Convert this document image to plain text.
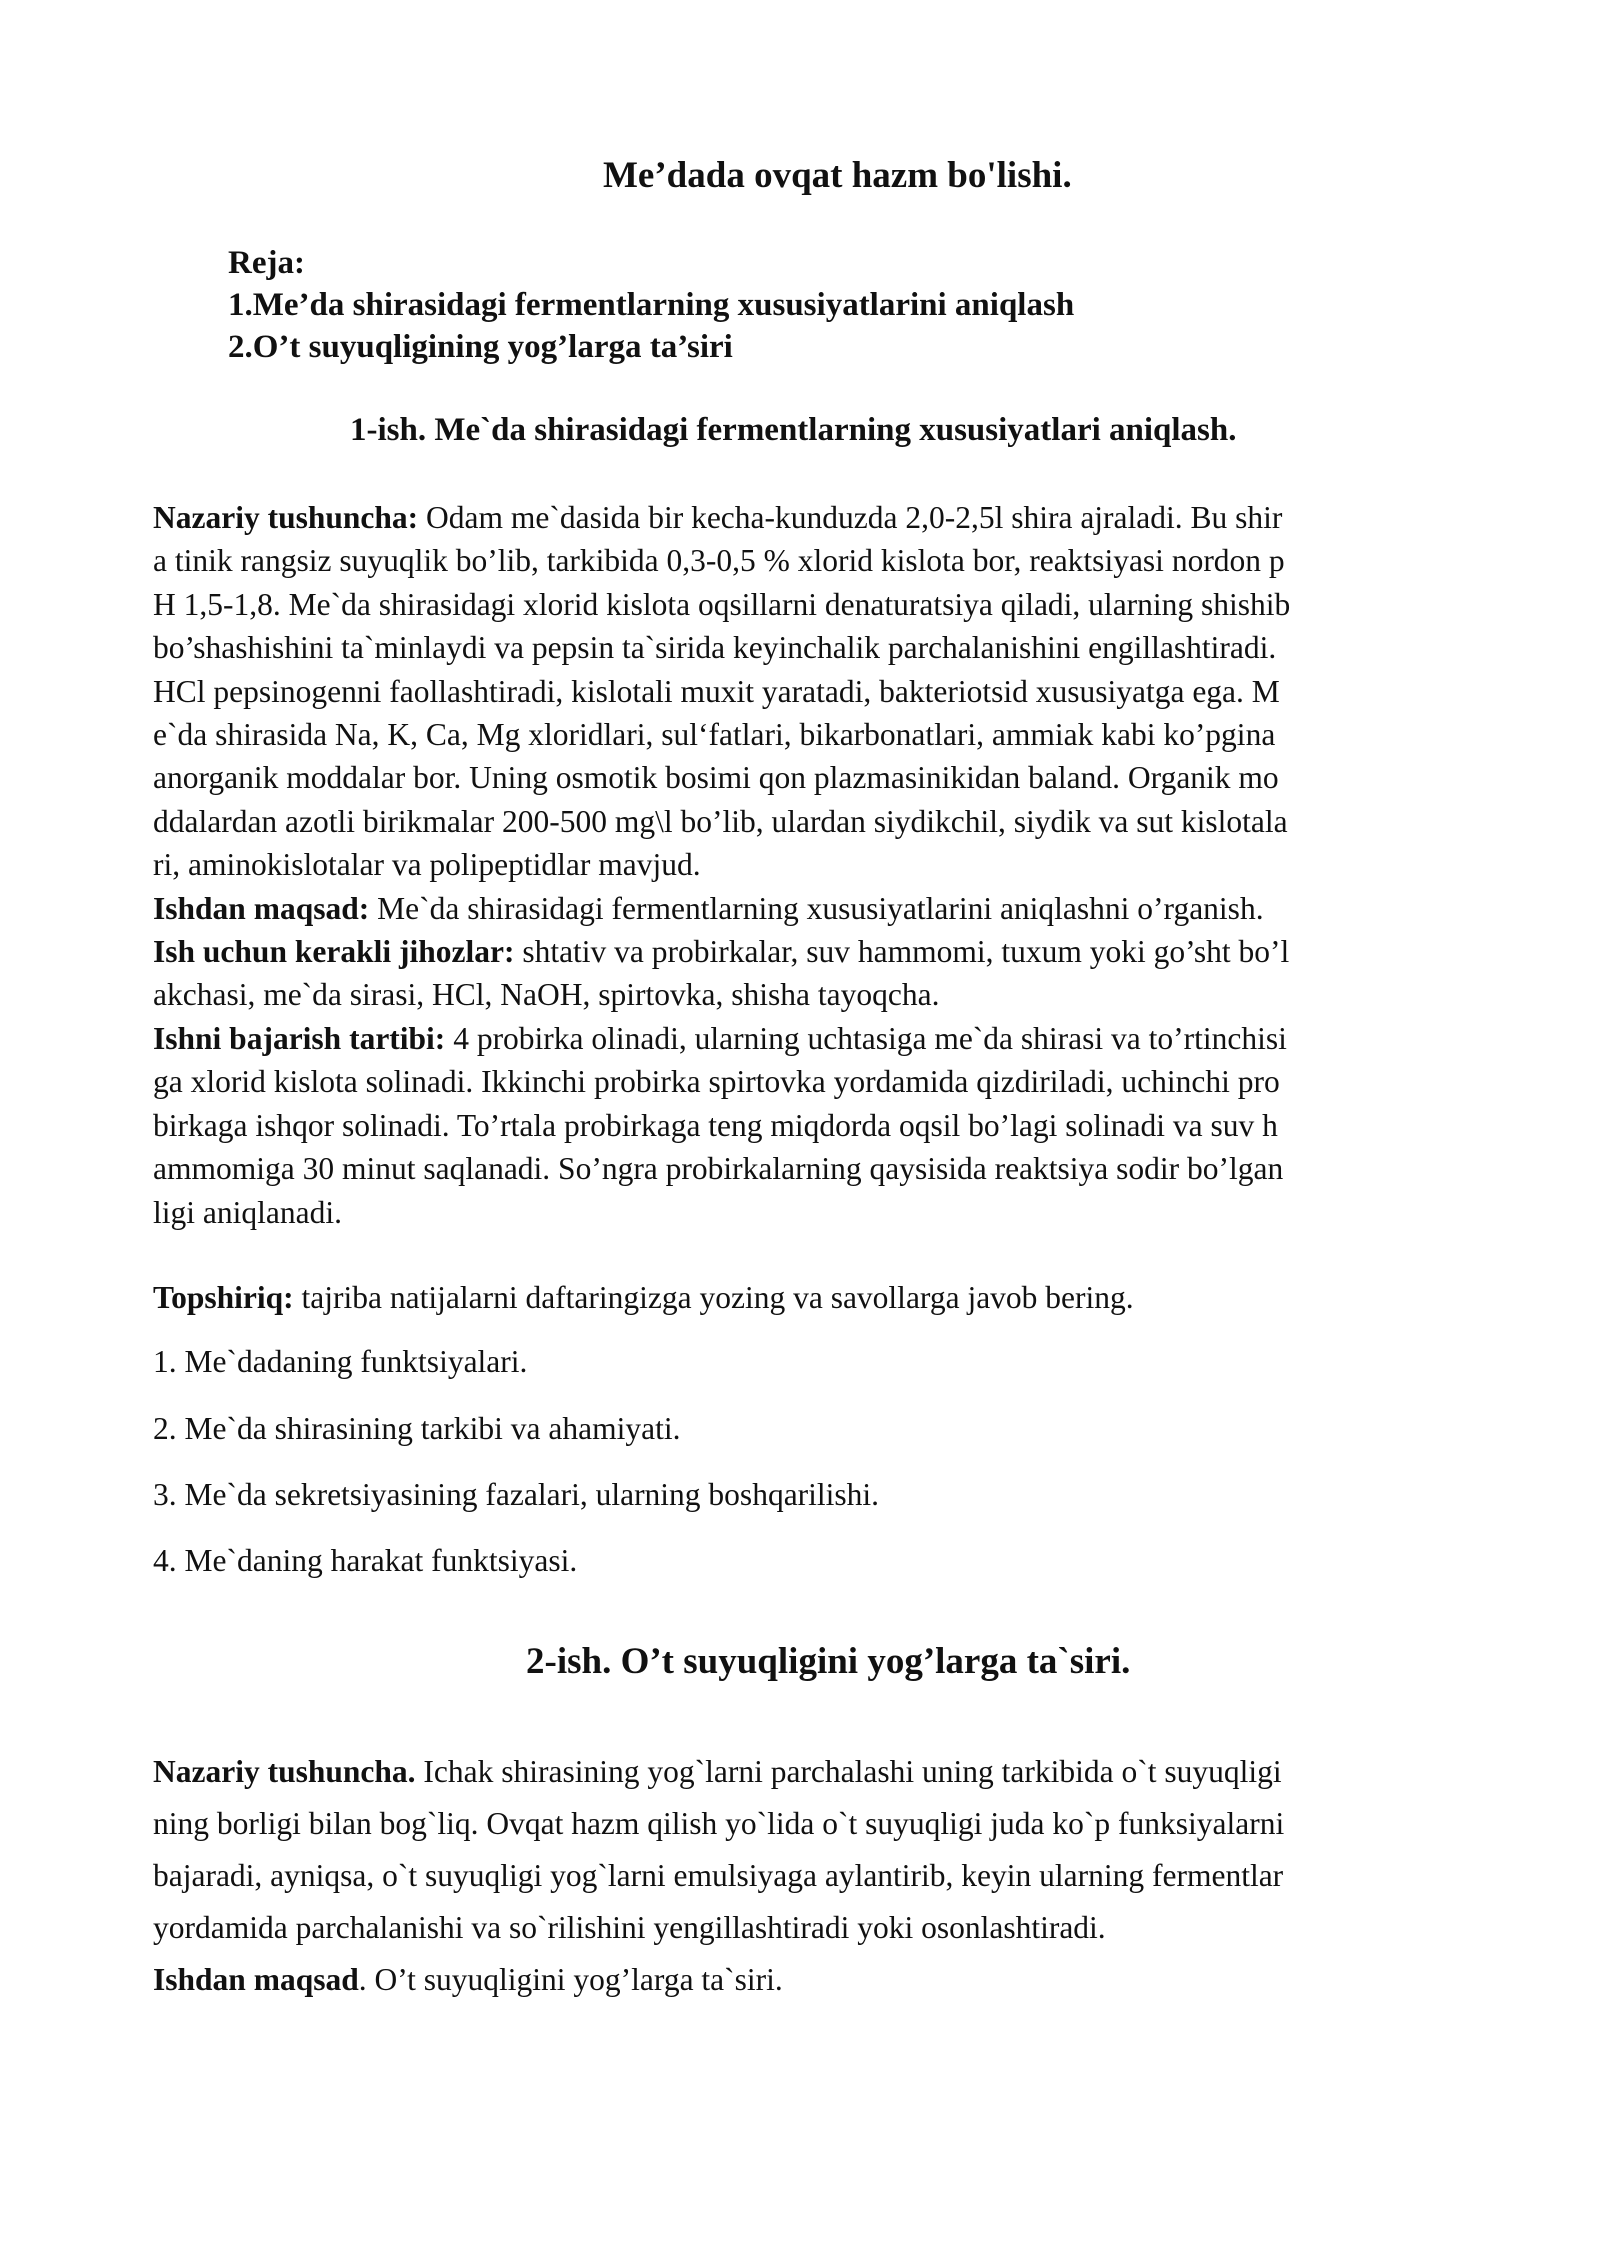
Me’dada ovqat hazm bo'lishi.
Reja:
1.Me’da shirasidagi fermentlarning xususiyatlarini aniqlash
2.O’t suyuqligining yog’larga ta’siri
1-ish. Me`da shirasidagi fermentlarning xususiyatlari aniqlash.
Nazariy tushuncha: Odam me`dasida bir kecha-kunduzda 2,0-2,5l shira ajraladi. Bu shir
a tinik rangsiz suyuqlik bo’lib, tarkibida 0,3-0,5 % xlorid kislota bor, reaktsiyasi nordon p
H 1,5-1,8. Me`da shirasidagi xlorid kislota oqsillarni denaturatsiya qiladi, ularning shishib
bo’shashishini ta`minlaydi va pepsin ta`sirida keyinchalik parchalanishini engillashtiradi.
HCl pepsinogenni faollashtiradi, kislotali muxit yaratadi, bakteriotsid xususiyatga ega. M
e`da shirasida Na, K, Ca, Mg xloridlari, sul‘fatlari, bikarbonatlari, ammiak kabi ko’pgina
anorganik moddalar bor. Uning osmotik bosimi qon plazmasinikidan baland. Organik mo
ddalardan azotli birikmalar 200-500 mg\l bo’lib, ulardan siydikchil, siydik va sut kislotala
ri, aminokislotalar va polipeptidlar mavjud.
Ishdan maqsad: Me`da shirasidagi fermentlarning xususiyatlarini aniqlashni o’rganish.
Ish uchun kerakli jihozlar: shtativ va probirkalar, suv hammomi, tuxum yoki go’sht bo’l
akchasi, me`da sirasi, HCl, NaOH, spirtovka, shisha tayoqcha.
Ishni bajarish tartibi: 4 probirka olinadi, ularning uchtasiga me`da shirasi va to’rtinchisi
ga xlorid kislota solinadi. Ikkinchi probirka spirtovka yordamida qizdiriladi, uchinchi pro
birkaga ishqor solinadi. To’rtala probirkaga teng miqdorda oqsil bo’lagi solinadi va suv h
ammomiga 30 minut saqlanadi. So’ngra probirkalarning qaysisida reaktsiya sodir bo’lgan
ligi aniqlanadi.
Topshiriq: tajriba natijalarni daftaringizga yozing va savollarga javob bering.
1. Me`dadaning funktsiyalari.
2. Me`da shirasining tarkibi va ahamiyati.
3. Me`da sekretsiyasining fazalari, ularning boshqarilishi.
4. Me`daning harakat funktsiyasi.
2-ish. O’t suyuqligini yog’larga ta`siri.
Nazariy tushuncha. Ichak shirasining yog`larni parchalashi uning tarkibida o`t suyuqligi
ning borligi bilan bog`liq. Ovqat hazm qilish yo`lida o`t suyuqligi juda ko`p funksiyalarni
bajaradi, ayniqsa, o`t suyuqligi yog`larni emulsiyaga aylantirib, keyin ularning fermentlar
yordamida parchalanishi va so`rilishini yengillashtiradi yoki osonlashtiradi.
Ishdan maqsad. O’t suyuqligini yog’larga ta`siri.
